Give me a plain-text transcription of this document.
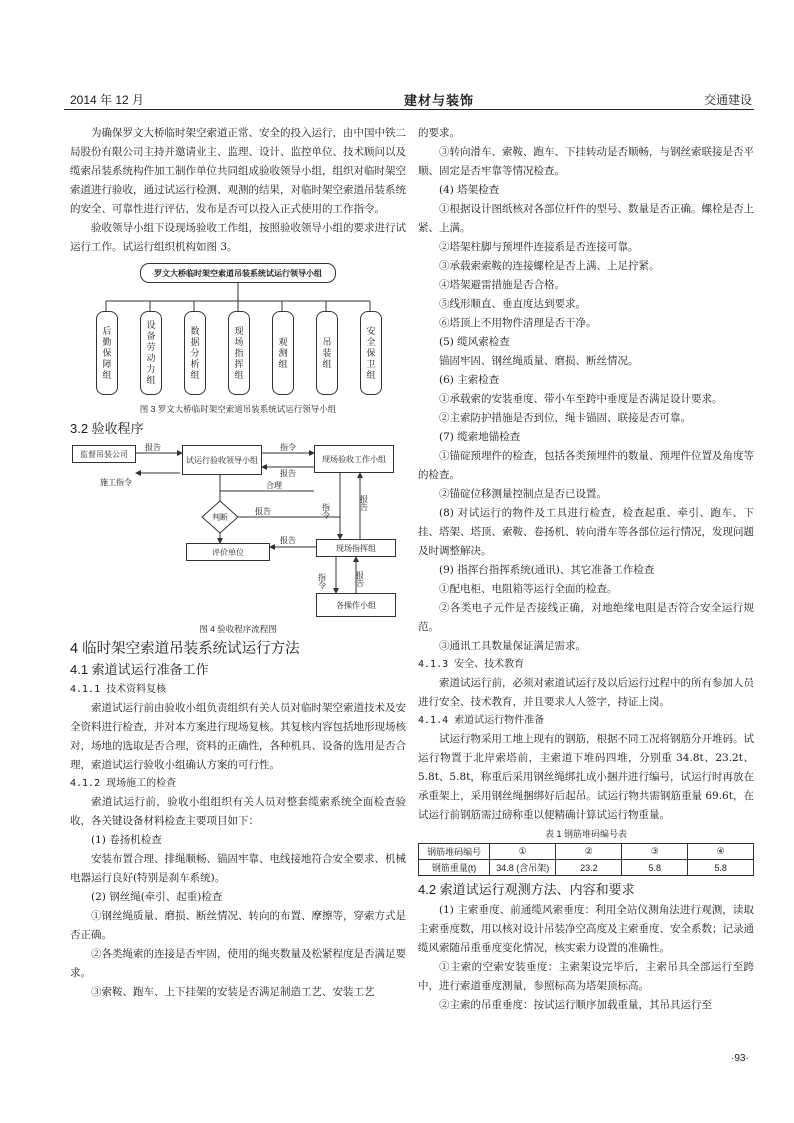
2014 年 12 月	建材与装饰	交通建设

为确保罗文大桥临时架空索道正常、安全的投入运行，由中国中铁二局股份有限公司主持并邀请业主、监理、设计、监控单位、技术顾问以及缆索吊装系统构件加工制作单位共同组成验收领导小组，组织对临时架空索道进行验收，通过试运行检测、观测的结果，对临时架空索道吊装系统的安全、可靠性进行评估，发布是否可以投入正式使用的工作指令。

验收领导小组下设现场验收工作组，按照验收领导小组的要求进行试运行工作。试运行组织机构如图 3。

罗文大桥临时架空索道吊装系统试运行领导小组
后勤保障组	设备劳动力组	数据分析组	现场指挥组	观测组	吊装组	安全保卫组
图 3 罗文大桥临时架空索道吊装系统试运行领导小组
3.2 验收程序
报告	指令
报告
施工指令	合理
报告	指令	报告
报告
指令	报告
监督吊装公司
试运行验收领导小组	现场验收工作小组
判断
评价单位	现场指挥组
各操作小组
图 4 验收程序流程图
4 临时架空索道吊装系统试运行方法
4.1 索道试运行准备工作
4.1.1 技术资料复核

索道试运行前由验收小组负责组织有关人员对临时架空索道技术及安全资料进行检查，并对本方案进行现场复核。其复核内容包括地形现场核对，场地的选取是否合理，资料的正确性，各种机具、设备的选用是否合理，索道试运行验收小组确认方案的可行性。

4.1.2 现场施工的检查

索道试运行前，验收小组组织有关人员对整套缆索系统全面检查验收，各关键设备材料检查主要项目如下：

(1) 卷扬机检查

安装布置合理、排绳顺畅、锚固牢靠、电线接地符合安全要求、机械电器运行良好(特别是刹车系统)。

(2) 钢丝绳(牵引、起重)检查

①钢丝绳质量、磨损、断丝情况、转向的布置、摩擦等，穿索方式是否正确。

②各类绳索的连接是否牢固，使用的绳夹数量及松紧程度是否满足要求。

③索鞍、跑车、上下挂架的安装是否满足制造工艺、安装工艺

的要求。

③转向滑车、索鞍、跑车、下挂转动是否顺畅，与钢丝索联接是否平顺、固定是否牢靠等情况检查。

(4) 塔架检查

①根据设计图纸核对各部位杆件的型号、数量是否正确。螺栓是否上紧、上满。

②塔架柱脚与预埋件连接系是否连接可靠。

③承载索索鞍的连接螺栓是否上满、上足拧紧。

④塔架避雷措施是否合格。

⑤线形顺直、垂直度达到要求。

⑥塔顶上不用物件清理是否干净。

(5) 缆风索检查

锚固牢固、钢丝绳质量、磨损、断丝情况。

(6) 主索检查

①承载索的安装垂度、带小车至跨中垂度是否满足设计要求。

②主索防护措施是否到位，绳卡锚固、联接是否可靠。

(7) 缆索地锚检查

①锚碇预埋件的检查，包括各类预埋件的数量、预埋件位置及角度等的检查。

②锚碇位移测量控制点是否已设置。

(8) 对试运行的物件及工具进行检查，检查起重、牵引、跑车、下挂、塔架、塔顶、索鞍、卷扬机、转向滑车等各部位运行情况，发现问题及时调整解决。

(9) 指挥台指挥系统(通讯)、其它准备工作检查

①配电柜、电阻箱等运行全面的检查。

②各类电子元件是否接线正确，对地绝缘电阻是否符合安全运行规范。

③通讯工具数量保证满足需求。

4.1.3 安全、技术教育

索道试运行前，必须对索道试运行及以后运行过程中的所有参加人员进行安全、技术教育，并且要求人人签字，持证上岗。

4.1.4 索道试运行物件准备

试运行物采用工地上现有的钢筋，根据不同工况将钢筋分开堆码。试运行物置于北岸索塔前，主索道下堆码四堆，分别重 34.8t、23.2t、5.8t、5.8t，称重后采用钢丝绳绑扎成小捆并进行编号，试运行时再放在承重架上，采用钢丝绳捆绑好后起吊。试运行物共需钢筋重量 69.6t，在试运行前钢筋需过磅称重以便精确计算试运行物重量。

表 1 钢筋堆码编号表
钢筋堆码编号	①	②	③	④
钢筋重量(t)	34.8 (含吊架)	23.2	5.8	5.8
4.2 索道试运行观测方法、内容和要求

(1) 主索垂度、前通缆风索垂度：利用全站仪测角法进行观测，读取主索垂度数，用以核对设计吊装净空高度及主索垂度、安全系数；记录通缆风索随吊重垂度变化情况，核实索力设置的准确性。

①主索的空索安装垂度：主索架设完毕后，主索吊具全部运行至跨中，进行索道垂度测量，参照标高为塔架顶标高。

②主索的吊重垂度：按试运行顺序加载重量，其吊具运行至

·93·
